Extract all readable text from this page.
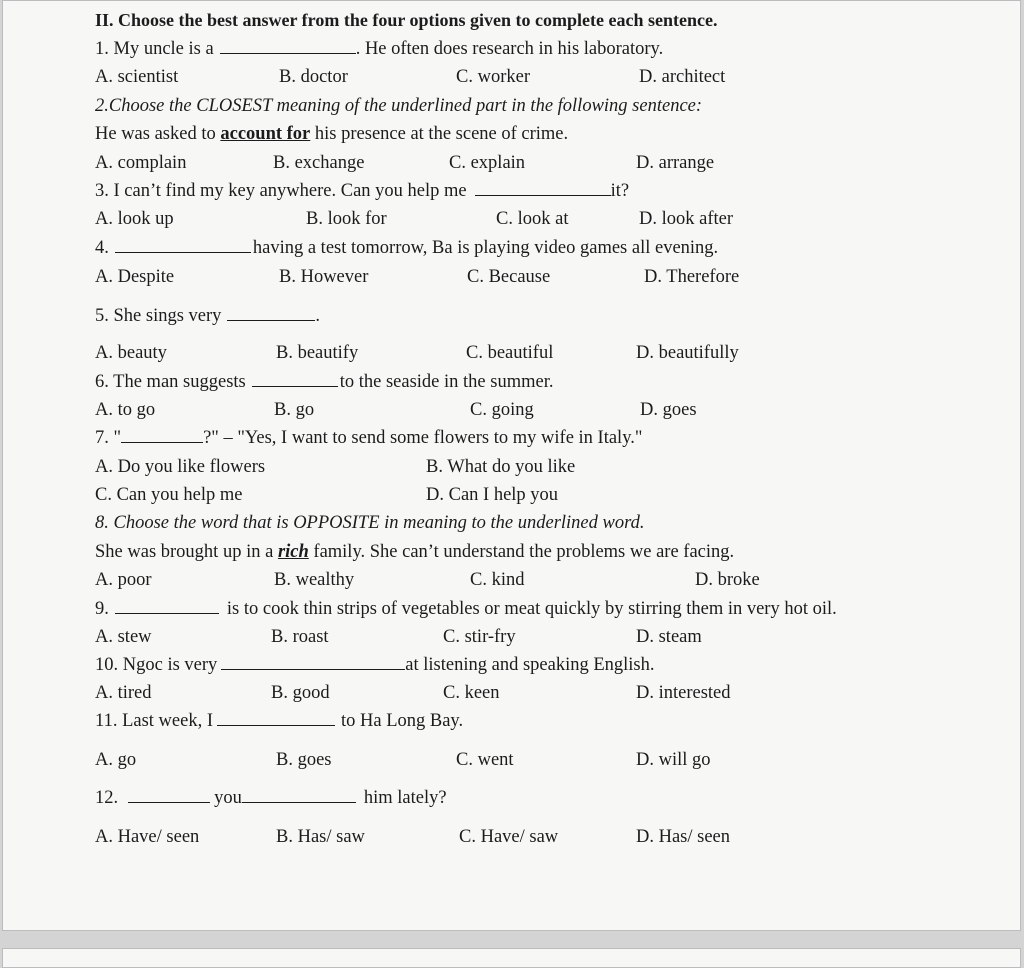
II. Choose the best answer from the four options given to complete each sentence.
1. My uncle is a	. He often does research in his laboratory.
A. scientist	B. doctor	C. worker	D. architect
2.Choose the CLOSEST meaning of the underlined part in the following sentence:
He was asked to account for his presence at the scene of crime.
A. complain	B. exchange	C. explain	D. arrange
3. I can’t find my key anywhere. Can you help me	it?
A. look up	B. look for	C. look at	D. look after
4.	having a test tomorrow, Ba is playing video games all evening.
A. Despite	B. However	C. Because	D. Therefore
5. She sings very	.
A. beauty	B. beautify	C. beautiful	D. beautifully
6. The man suggests	to the seaside in the summer.
A. to go	B. go	C. going	D. goes
7. "	?" – "Yes, I want to send some flowers to my wife in Italy."
A. Do you like flowers	B. What do you like
C. Can you help me	D. Can I help you
8. Choose the word that is OPPOSITE in meaning to the underlined word.
She was brought up in a rich family. She can’t understand the problems we are facing.
A. poor	B. wealthy	C. kind	D. broke
9.	is to cook thin strips of vegetables or meat quickly by stirring them in very hot oil.
A. stew	B. roast	C. stir-fry	D. steam
10. Ngoc is very	at listening and speaking English.
A. tired	B. good	C. keen	D. interested
11. Last week, I	to Ha Long Bay.
A. go	B. goes	C. went	D. will go
12.	you	him lately?
A. Have/ seen	B. Has/ saw	C. Have/ saw	D. Has/ seen
